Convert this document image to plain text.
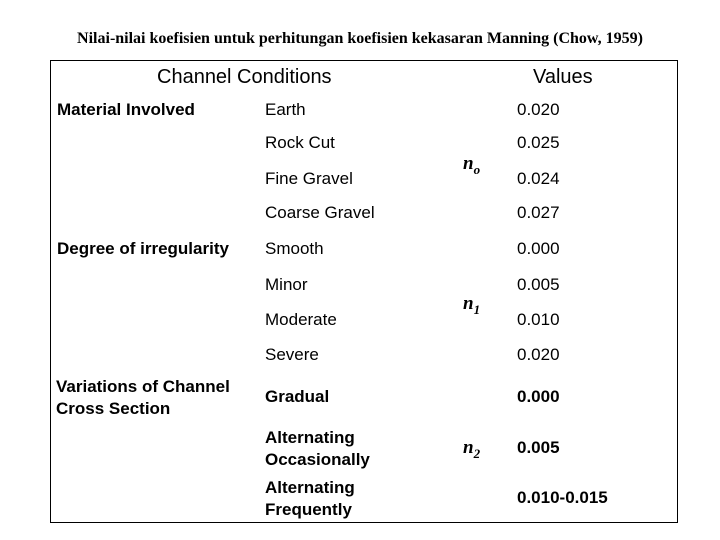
Nilai-nilai koefisien untuk perhitungan koefisien kekasaran Manning (Chow, 1959)
Channel Conditions	Values
Material Involved	Earth
Rock Cut
Fine Gravel
Coarse Gravel
$n_o$
0.020
0.025
0.024
0.027
Degree of irregularity Smooth
Minor
Moderate
Severe
$n_1$
0.000
0.005
0.010
0.020
Variations of Channel Cross Section
Gradual
Alternating Occasionally
Alternating Frequently
$n_2$
0.000
0.005
0.010-0.015
